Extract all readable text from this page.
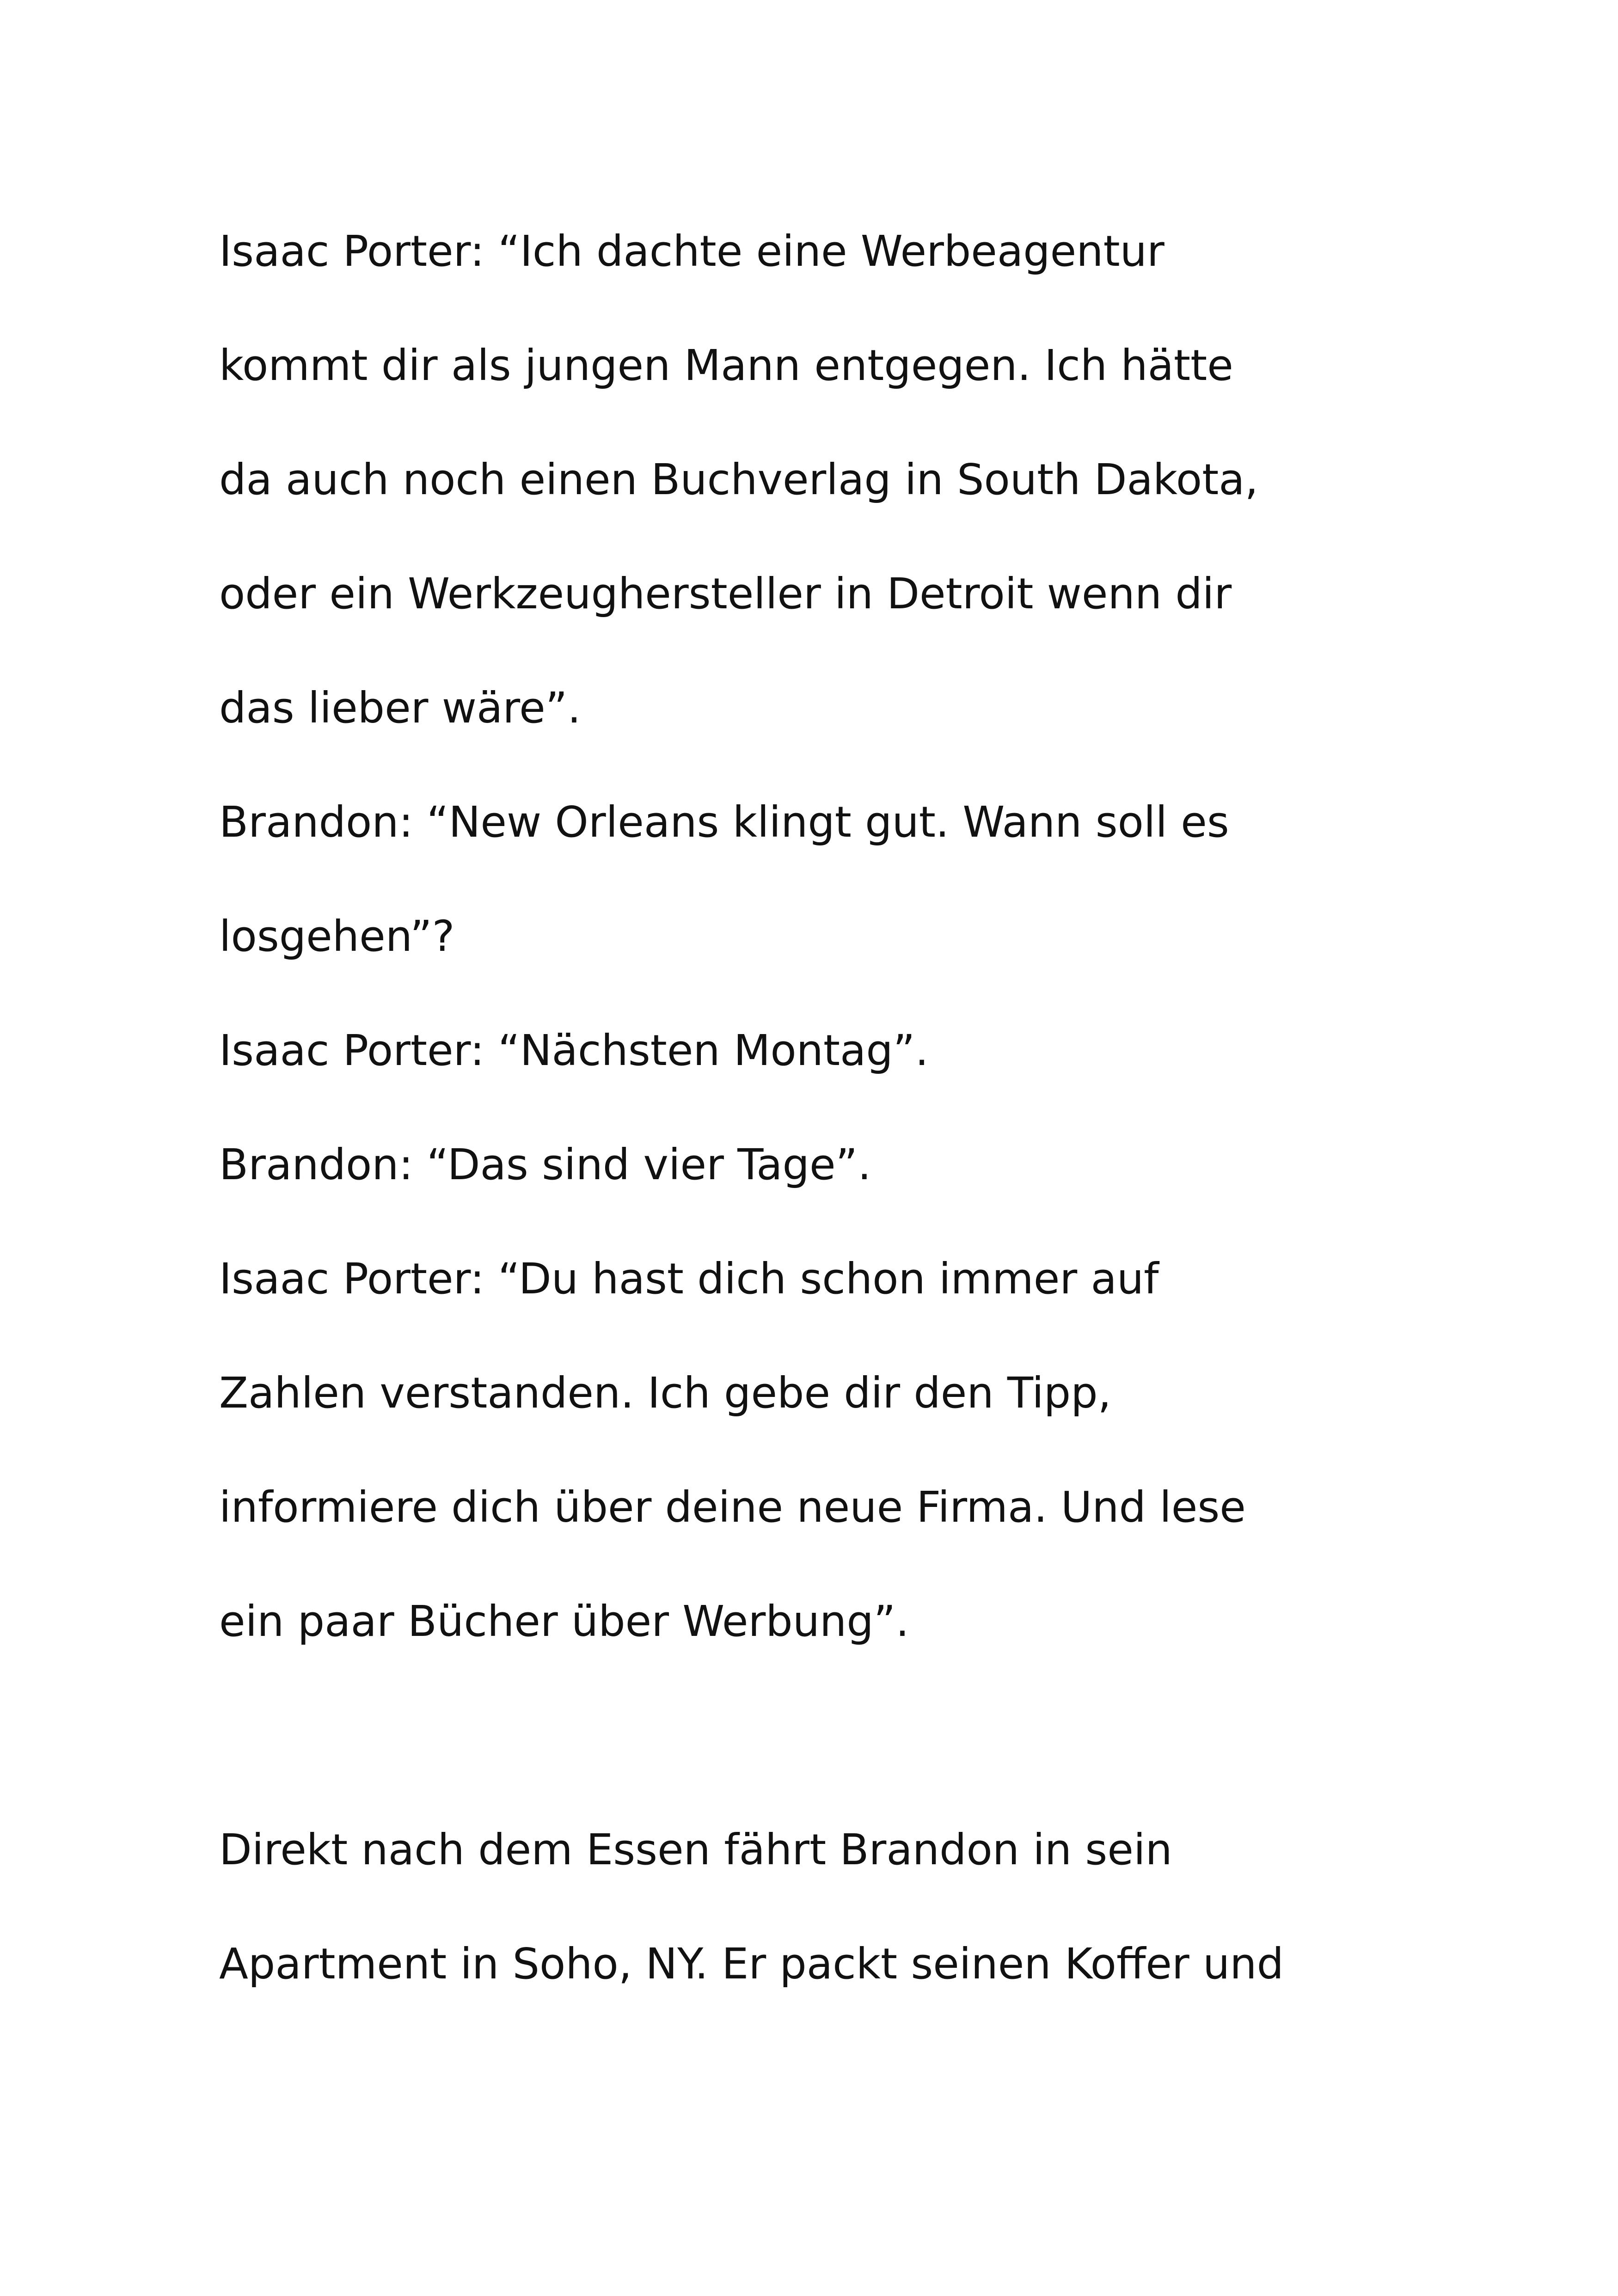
Isaac Porter: “Ich dachte eine Werbeagentur
kommt dir als jungen Mann entgegen. Ich hätte
da auch noch einen Buchverlag in South Dakota,
oder ein Werkzeughersteller in Detroit wenn dir
das lieber wäre”.
Brandon: “New Orleans klingt gut. Wann soll es
losgehen”?
Isaac Porter: “Nächsten Montag”.
Brandon: “Das sind vier Tage”.
Isaac Porter: “Du hast dich schon immer auf
Zahlen verstanden. Ich gebe dir den Tipp,
informiere dich über deine neue Firma. Und lese
ein paar Bücher über Werbung”.
Direkt nach dem Essen fährt Brandon in sein
Apartment in Soho, NY. Er packt seinen Koffer und
